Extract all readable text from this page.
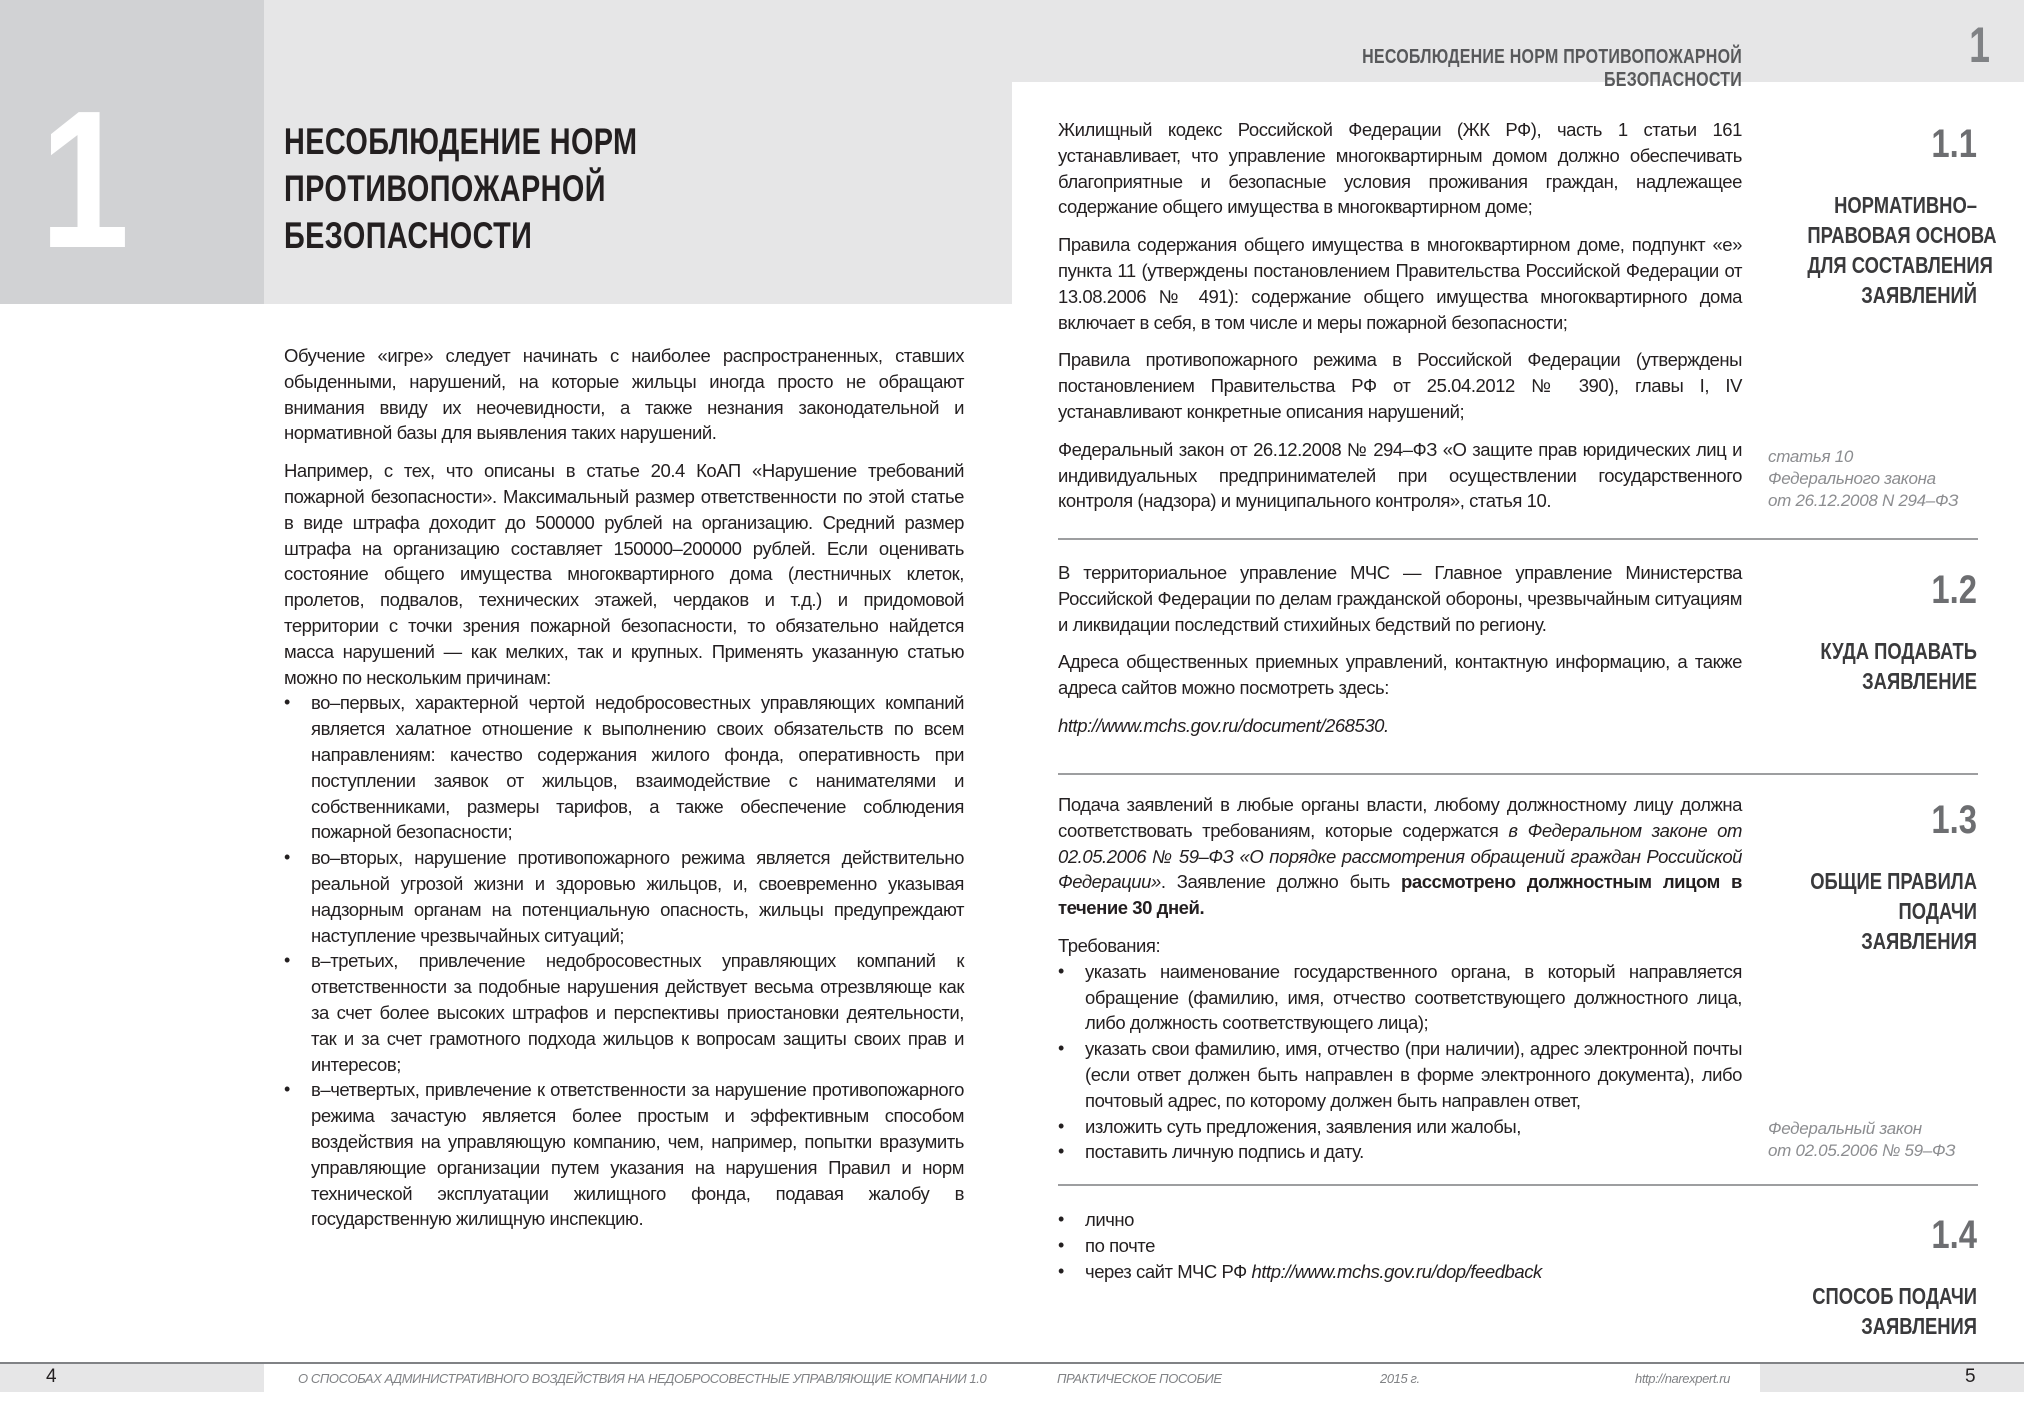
1	НЕСОБЛЮДЕНИЕ НОРМ
ПРОТИВОПОЖАРНОЙ
БЕЗОПАСНОСТИ

Обучение «игре» следует начинать с наиболее распространенных, ставших обыденными, нарушений, на которые жильцы иногда просто не обращают внимания ввиду их неочевидности, а также незнания законодательной и нормативной базы для выявления таких нарушений.

Например, с тех, что описаны в статье 20.4 КоАП «Нарушение требований пожарной безопасности». Максимальный размер ответственности по этой статье в виде штрафа доходит до 500000 рублей на организацию. Средний размер штрафа на организацию составляет 150000–200000 рублей. Если оценивать состояние общего имущества многоквартирного дома (лестничных клеток, пролетов, подвалов, технических этажей, чердаков и т.д.) и придомовой территории с точки зрения пожарной безопасности, то обязательно найдется масса нарушений — как мелких, так и крупных. Применять указанную статью можно по нескольким причинам:

• во–первых, характерной чертой недобросовестных управляющих компаний является халатное отношение к выполнению своих обязательств по всем направлениям: качество содержания жилого фонда, оперативность при поступлении заявок от жильцов, взаимодействие с нанимателями и собственниками, размеры тарифов, а также обеспечение соблюдения пожарной безопасности;
• во–вторых, нарушение противопожарного режима является действительно реальной угрозой жизни и здоровью жильцов, и, своевременно указывая надзорным органам на потенциальную опасность, жильцы предупреждают наступление чрезвычайных ситуаций;
• в–третьих, привлечение недобросовестных управляющих компаний к ответственности за подобные нарушения действует весьма отрезвляюще как за счет более высоких штрафов и перспективы приостановки деятельности, так и за счет грамотного подхода жильцов к вопросам защиты своих прав и интересов;
• в–четвертых, привлечение к ответственности за нарушение противопожарного режима зачастую является более простым и эффективным способом воздействия на управляющую компанию, чем, например, попытки вразумить управляющие организации путем указания на нарушения Правил и норм технической эксплуатации жилищного фонда, подавая жалобу в государственную жилищную инспекцию.
НЕСОБЛЮДЕНИЕ НОРМ ПРОТИВОПОЖАРНОЙ БЕЗОПАСНОСТИ
1

Жилищный кодекс Российской Федерации (ЖК РФ), часть 1 статьи 161 устанавливает, что управление многоквартирным домом должно обеспечивать благоприятные и безопасные условия проживания граждан, надлежащее содержание общего имущества в многоквартирном доме;

Правила содержания общего имущества в многоквартирном доме, подпункт «е» пункта 11 (утверждены постановлением Правительства Российской Федерации от 13.08.2006 № 491): содержание общего имущества многоквартирного дома включает в себя, в том числе и меры пожарной безопасности;

Правила противопожарного режима в Российской Федерации (утверждены постановлением Правительства РФ от 25.04.2012 № 390), главы I, IV устанавливают конкретные описания нарушений;

Федеральный закон от 26.12.2008 № 294–ФЗ «О защите прав юридических лиц и индивидуальных предпринимателей при осуществлении государственного контроля (надзора) и муниципального контроля», статья 10.

1.1
НОРМАТИВНО–
ПРАВОВАЯ ОСНОВА
ДЛЯ СОСТАВЛЕНИЯ
ЗАЯВЛЕНИЙ
статья 10
Федерального закона
от 26.12.2008 N 294–ФЗ

В территориальное управление МЧС — Главное управление Министерства Российской Федерации по делам гражданской обороны, чрезвычайным ситуациям и ликвидации последствий стихийных бедствий по региону.

Адреса общественных приемных управлений, контактную информацию, а также адреса сайтов можно посмотреть здесь:

http://www.mchs.gov.ru/document/268530.

1.2
КУДА ПОДАВАТЬ
ЗАЯВЛЕНИЕ

Подача заявлений в любые органы власти, любому должностному лицу должна соответствовать требованиям, которые содержатся в Федеральном законе от 02.05.2006 № 59–ФЗ «О порядке рассмотрения обращений граждан Российской Федерации». Заявление должно быть рассмотрено должностным лицом в течение 30 дней.

Требования:
• указать наименование государственного органа, в который направляется обращение (фамилию, имя, отчество соответствующего должностного лица, либо должность соответствующего лица);
• указать свои фамилию, имя, отчество (при наличии), адрес электронной почты (если ответ должен быть направлен в форме электронного документа), либо почтовый адрес, по которому должен быть направлен ответ,
• изложить суть предложения, заявления или жалобы,
• поставить личную подпись и дату.
1.3
ОБЩИЕ ПРАВИЛА
ПОДАЧИ
ЗАЯВЛЕНИЯ
Федеральный закон
от 02.05.2006 № 59–ФЗ
• лично
• по почте
• через сайт МЧС РФ http://www.mchs.gov.ru/dop/feedback
1.4
СПОСОБ ПОДАЧИ
ЗАЯВЛЕНИЯ
4	5
О СПОСОБАХ АДМИНИСТРАТИВНОГО ВОЗДЕЙСТВИЯ НА НЕДОБРОСОВЕСТНЫЕ УПРАВЛЯЮЩИЕ КОМПАНИИ 1.0	ПРАКТИЧЕСКОЕ ПОСОБИЕ	2015 г.	http://narexpert.ru
